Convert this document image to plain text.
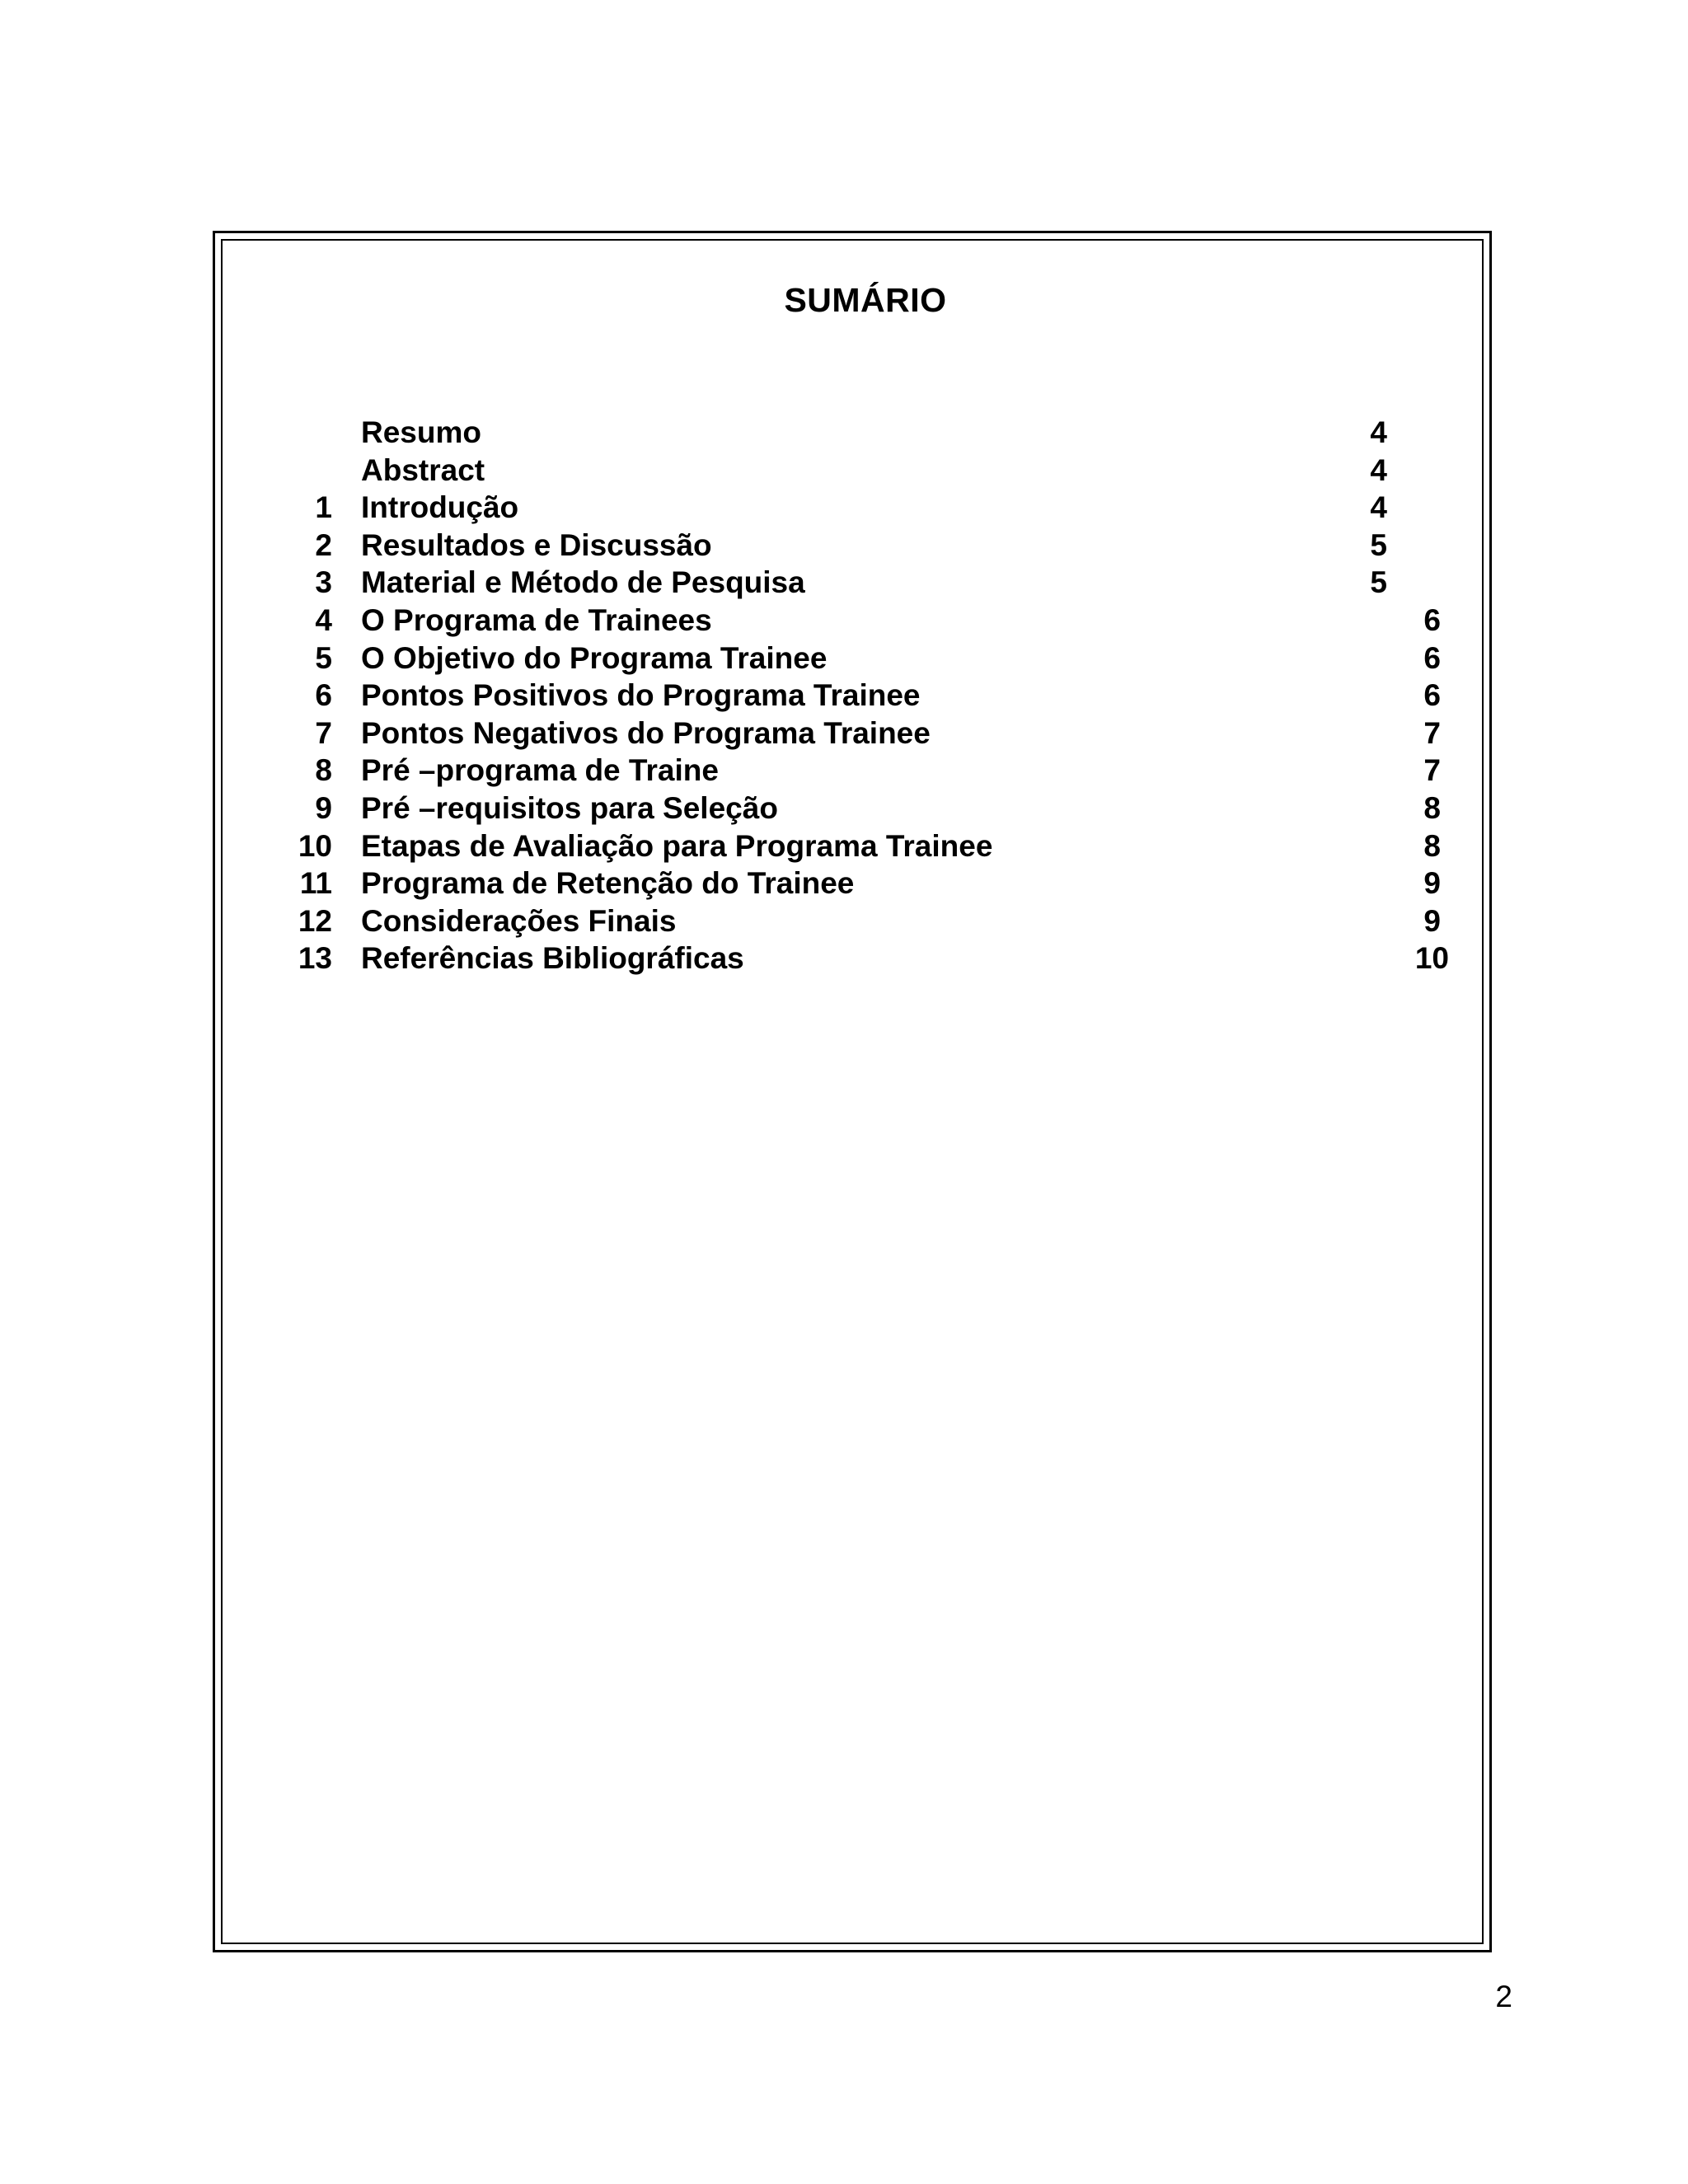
SUMÁRIO
Resumo	4
Abstract	4
1 Introdução	4
2 Resultados e Discussão	5
3 Material e Método de Pesquisa	5
4 O Programa de Trainees	6
5 O Objetivo do Programa Trainee	6
6 Pontos Positivos do Programa Trainee	6
7 Pontos Negativos do Programa Trainee	7
8 Pré –programa de Traine	7
9 Pré –requisitos para Seleção	8
10 Etapas de Avaliação para Programa Trainee	8
11 Programa de Retenção do Trainee	9
12 Considerações Finais	9
13 Referências Bibliográficas	10
2
